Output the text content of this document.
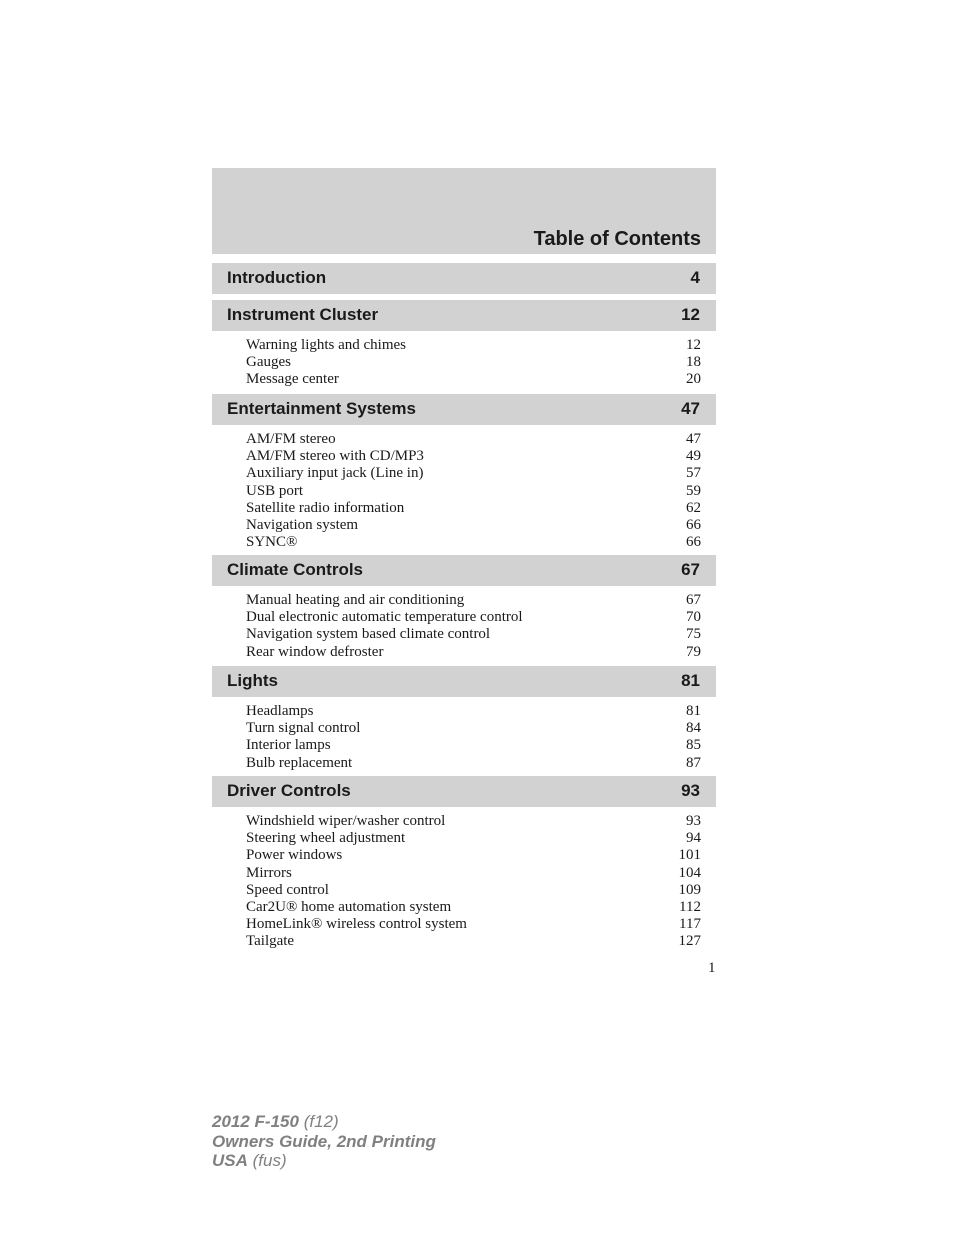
Table of Contents
Introduction	4
Instrument Cluster	12
Warning lights and chimes	12
Gauges	18
Message center	20
Entertainment Systems	47
AM/FM stereo	47
AM/FM stereo with CD/MP3	49
Auxiliary input jack (Line in)	57
USB port	59
Satellite radio information	62
Navigation system	66
SYNC®	66
Climate Controls	67
Manual heating and air conditioning	67
Dual electronic automatic temperature control	70
Navigation system based climate control	75
Rear window defroster	79
Lights	81
Headlamps	81
Turn signal control	84
Interior lamps	85
Bulb replacement	87
Driver Controls	93
Windshield wiper/washer control	93
Steering wheel adjustment	94
Power windows	101
Mirrors	104
Speed control	109
Car2U® home automation system	112
HomeLink® wireless control system	117
Tailgate	127
1
2012 F-150 (f12)
Owners Guide, 2nd Printing
USA (fus)
